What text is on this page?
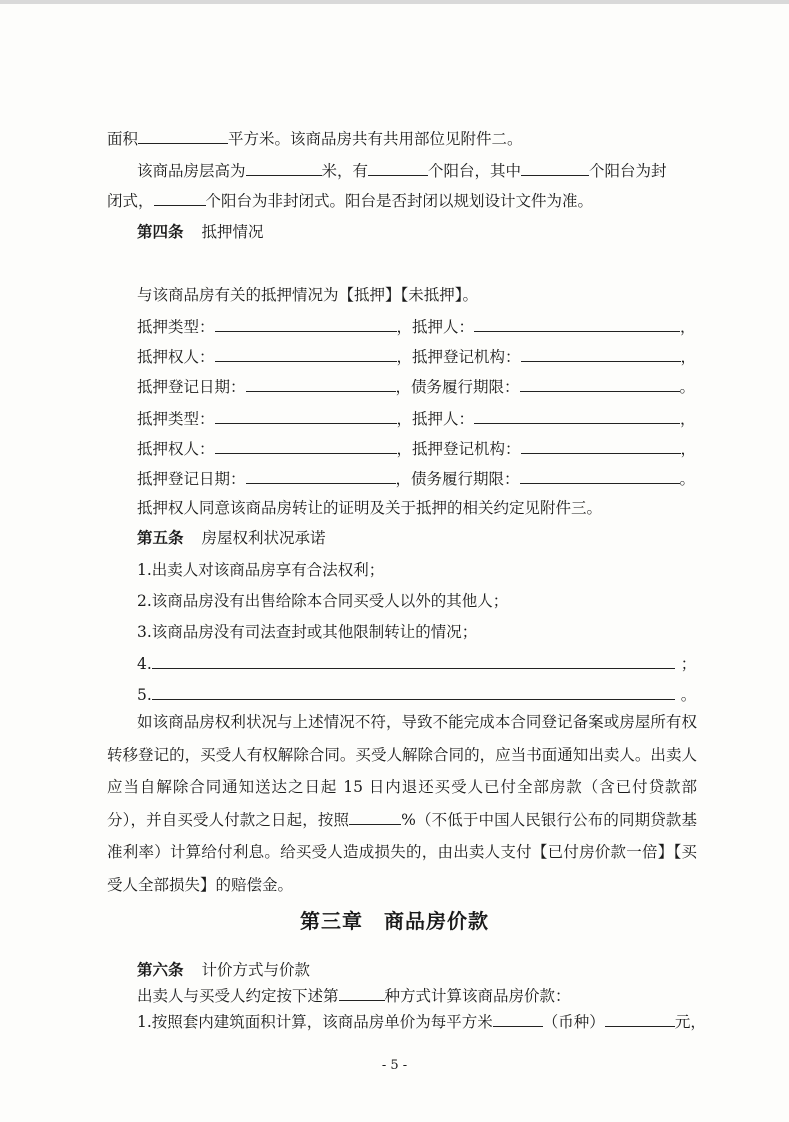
面积	平方米。该商品房共有共用部位见附件二。
该商品房层高为	米，有	个阳台，其中	个阳台为封
闭式，	个阳台为非封闭式。阳台是否封闭以规划设计文件为准。
第四条 抵押情况
与该商品房有关的抵押情况为【抵押】【未抵押】。
抵押类型：	，抵押人：	，
抵押权人：	，抵押登记机构：	，
抵押登记日期：	，债务履行期限：	。
抵押类型：	，抵押人：	，
抵押权人：	，抵押登记机构：	，
抵押登记日期：	，债务履行期限：	。
抵押权人同意该商品房转让的证明及关于抵押的相关约定见附件三。
第五条 房屋权利状况承诺
1.出卖人对该商品房享有合法权利；
2.该商品房没有出售给除本合同买受人以外的其他人；
3.该商品房没有司法查封或其他限制转让的情况；
4.	；
5.	。
如该商品房权利状况与上述情况不符，导致不能完成本合同登记备案或房屋所有权转移登记的，买受人有权解除合同。买受人解除合同的，应当书面通知出卖人。出卖人应当自解除合同通知送达之日起 15 日内退还买受人已付全部房款（含已付贷款部分），并自买受人付款之日起，按照	%（不低于中国人民银行公布的同期贷款基准利率）计算给付利息。给买受人造成损失的，由出卖人支付【已付房价款一倍】【买受人全部损失】的赔偿金。
第三章　商品房价款
第六条 计价方式与价款
出卖人与买受人约定按下述第	种方式计算该商品房价款：
1.按照套内建筑面积计算，该商品房单价为每平方米	（币种）	元，
- 5 -
